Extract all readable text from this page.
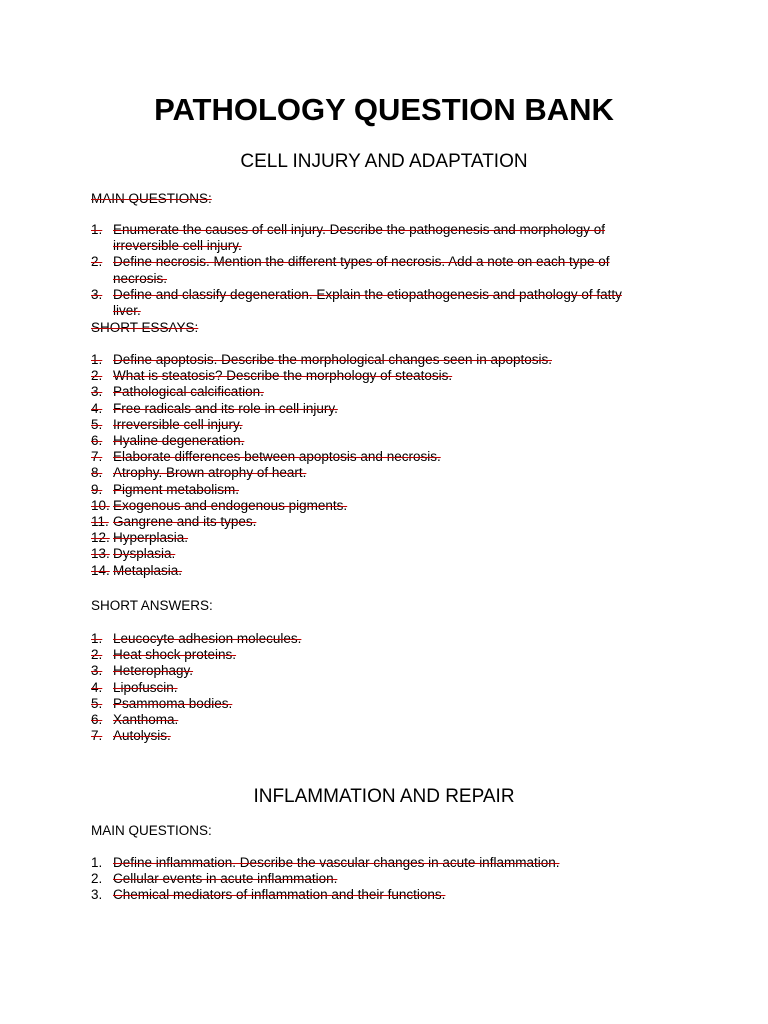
PATHOLOGY QUESTION BANK
CELL INJURY AND ADAPTATION
MAIN QUESTIONS:
1. Enumerate the causes of cell injury. Describe the pathogenesis and morphology of irreversible cell injury.
2. Define necrosis. Mention the different types of necrosis. Add a note on each type of necrosis.
3. Define and classify degeneration. Explain the etiopathogenesis and pathology of fatty liver.
SHORT ESSAYS:
1. Define apoptosis. Describe the morphological changes seen in apoptosis.
2. What is steatosis? Describe the morphology of steatosis.
3. Pathological calcification.
4. Free radicals and its role in cell injury.
5. Irreversible cell injury.
6. Hyaline degeneration.
7. Elaborate differences between apoptosis and necrosis.
8. Atrophy. Brown atrophy of heart.
9. Pigment metabolism.
10. Exogenous and endogenous pigments.
11. Gangrene and its types.
12. Hyperplasia.
13. Dysplasia.
14. Metaplasia.
SHORT ANSWERS:
1. Leucocyte adhesion molecules.
2. Heat shock proteins.
3. Heterophagy.
4. Lipofuscin.
5. Psammoma bodies.
6. Xanthoma.
7. Autolysis.
INFLAMMATION AND REPAIR
MAIN QUESTIONS:
1. Define inflammation. Describe the vascular changes in acute inflammation.
2. Cellular events in acute inflammation.
3. Chemical mediators of inflammation and their functions.
